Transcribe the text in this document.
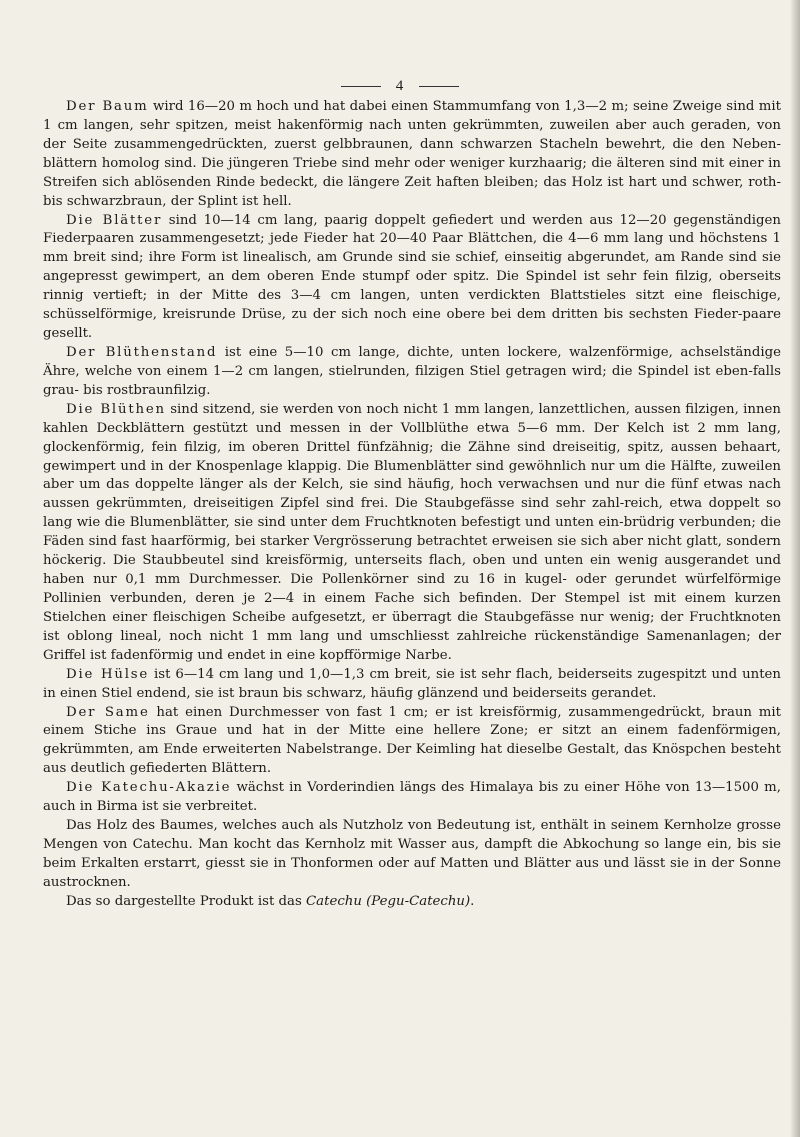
4

Der Baum wird 16—20 m hoch und hat dabei einen Stammumfang von 1,3—2 m; seine Zweige sind mit 1 cm langen, sehr spitzen, meist hakenförmig nach unten gekrümmten, zuweilen aber auch geraden, von der Seite zusammengedrückten, zuerst gelbbraunen, dann schwarzen Stacheln bewehrt, die den Neben-blättern homolog sind. Die jüngeren Triebe sind mehr oder weniger kurzhaarig; die älteren sind mit einer in Streifen sich ablösenden Rinde bedeckt, die längere Zeit haften bleiben; das Holz ist hart und schwer, roth- bis schwarzbraun, der Splint ist hell.

Die Blätter sind 10—14 cm lang, paarig doppelt gefiedert und werden aus 12—20 gegenständigen Fiederpaaren zusammengesetzt; jede Fieder hat 20—40 Paar Blättchen, die 4—6 mm lang und höchstens 1 mm breit sind; ihre Form ist linealisch, am Grunde sind sie schief, einseitig abgerundet, am Rande sind sie angepresst gewimpert, an dem oberen Ende stumpf oder spitz. Die Spindel ist sehr fein filzig, oberseits rinnig vertieft; in der Mitte des 3—4 cm langen, unten verdickten Blattstieles sitzt eine fleischige, schüsselförmige, kreisrunde Drüse, zu der sich noch eine obere bei dem dritten bis sechsten Fieder-paare gesellt.

Der Blüthenstand ist eine 5—10 cm lange, dichte, unten lockere, walzenförmige, achselständige Ähre, welche von einem 1—2 cm langen, stielrunden, filzigen Stiel getragen wird; die Spindel ist eben-falls grau- bis rostbraunfilzig.

Die Blüthen sind sitzend, sie werden von noch nicht 1 mm langen, lanzettlichen, aussen filzigen, innen kahlen Deckblättern gestützt und messen in der Vollblüthe etwa 5—6 mm. Der Kelch ist 2 mm lang, glockenförmig, fein filzig, im oberen Drittel fünfzähnig; die Zähne sind dreiseitig, spitz, aussen behaart, gewimpert und in der Knospenlage klappig. Die Blumenblätter sind gewöhnlich nur um die Hälfte, zuweilen aber um das doppelte länger als der Kelch, sie sind häufig, hoch verwachsen und nur die fünf etwas nach aussen gekrümmten, dreiseitigen Zipfel sind frei. Die Staubgefässe sind sehr zahl-reich, etwa doppelt so lang wie die Blumenblätter, sie sind unter dem Fruchtknoten befestigt und unten ein-brüdrig verbunden; die Fäden sind fast haarförmig, bei starker Vergrösserung betrachtet erweisen sie sich aber nicht glatt, sondern höckerig. Die Staubbeutel sind kreisförmig, unterseits flach, oben und unten ein wenig ausgerandet und haben nur 0,1 mm Durchmesser. Die Pollenkörner sind zu 16 in kugel- oder gerundet würfelförmige Pollinien verbunden, deren je 2—4 in einem Fache sich befinden. Der Stempel ist mit einem kurzen Stielchen einer fleischigen Scheibe aufgesetzt, er überragt die Staubgefässe nur wenig; der Fruchtknoten ist oblong lineal, noch nicht 1 mm lang und umschliesst zahlreiche rückenständige Samenanlagen; der Griffel ist fadenförmig und endet in eine kopfförmige Narbe.

Die Hülse ist 6—14 cm lang und 1,0—1,3 cm breit, sie ist sehr flach, beiderseits zugespitzt und unten in einen Stiel endend, sie ist braun bis schwarz, häufig glänzend und beiderseits gerandet.

Der Same hat einen Durchmesser von fast 1 cm; er ist kreisförmig, zusammengedrückt, braun mit einem Stiche ins Graue und hat in der Mitte eine hellere Zone; er sitzt an einem fadenförmigen, gekrümmten, am Ende erweiterten Nabelstrange. Der Keimling hat dieselbe Gestalt, das Knöspchen besteht aus deutlich gefiederten Blättern.

Die Katechu-Akazie wächst in Vorderindien längs des Himalaya bis zu einer Höhe von 13—1500 m, auch in Birma ist sie verbreitet.

Das Holz des Baumes, welches auch als Nutzholz von Bedeutung ist, enthält in seinem Kernholze grosse Mengen von Catechu. Man kocht das Kernholz mit Wasser aus, dampft die Abkochung so lange ein, bis sie beim Erkalten erstarrt, giesst sie in Thonformen oder auf Matten und Blätter aus und lässt sie in der Sonne austrocknen.

Das so dargestellte Produkt ist das Catechu (Pegu-Catechu).
